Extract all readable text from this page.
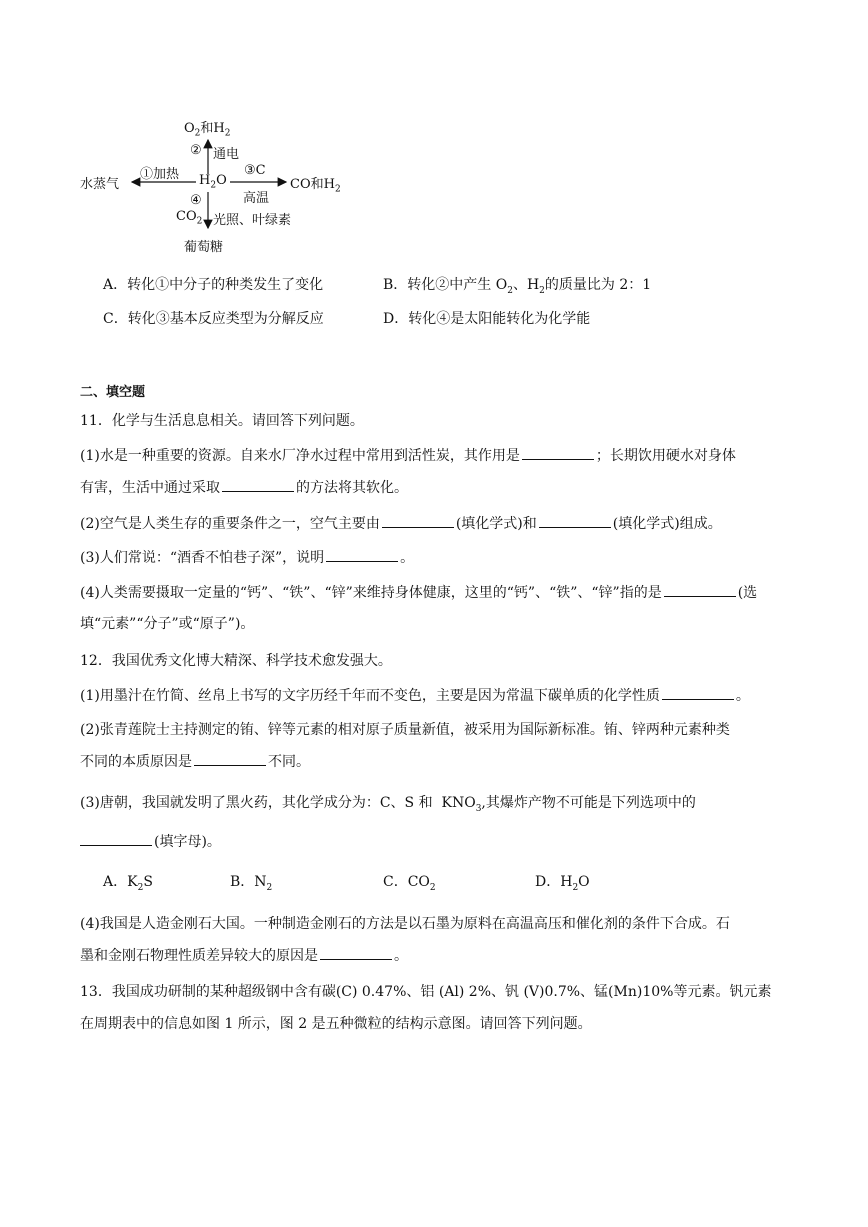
$O_2$和$H_2$
② 通电
①加热	③C
水蒸气	$H_2O$	CO和$H_2$
高温
④
$CO_2$ 光照、叶绿素
葡萄糖
A．转化①中分子的种类发生了变化	B．转化②中产生 $O_2$、$H_2$的质量比为 2：1
C．转化③基本反应类型为分解反应	D．转化④是太阳能转化为化学能
二、填空题
11．化学与生活息息相关。请回答下列问题。
(1)水是一种重要的资源。自来水厂净水过程中常用到活性炭，其作用是	；长期饮用硬水对身体
有害，生活中通过采取	的方法将其软化。
(2)空气是人类生存的重要条件之一，空气主要由	(填化学式)和	(填化学式)组成。
(3)人们常说：“酒香不怕巷子深”，说明	。
(4)人类需要摄取一定量的“钙”、“铁”、“锌”来维持身体健康，这里的“钙”、“铁”、“锌”指的是	(选
填“元素”“分子”或“原子”)。
12．我国优秀文化博大精深、科学技术愈发强大。
(1)用墨汁在竹简、丝帛上书写的文字历经千年而不变色，主要是因为常温下碳单质的化学性质	。
(2)张青莲院士主持测定的铕、锌等元素的相对原子质量新值，被采用为国际新标准。铕、锌两种元素种类
不同的本质原因是	不同。
(3)唐朝，我国就发明了黑火药，其化学成分为：C、S 和 $KNO_3$,其爆炸产物不可能是下列选项中的
(填字母)。
A．$K_2S$	B．$N_2$	C．$CO_2$	D．$H_2O$
(4)我国是人造金刚石大国。一种制造金刚石的方法是以石墨为原料在高温高压和催化剂的条件下合成。石
墨和金刚石物理性质差异较大的原因是	。
13．我国成功研制的某种超级钢中含有碳(C) 0.47%、铝 (Al) 2%、钒 (V)0.7%、锰(Mn)10%等元素。钒元素
在周期表中的信息如图 1 所示，图 2 是五种微粒的结构示意图。请回答下列问题。
